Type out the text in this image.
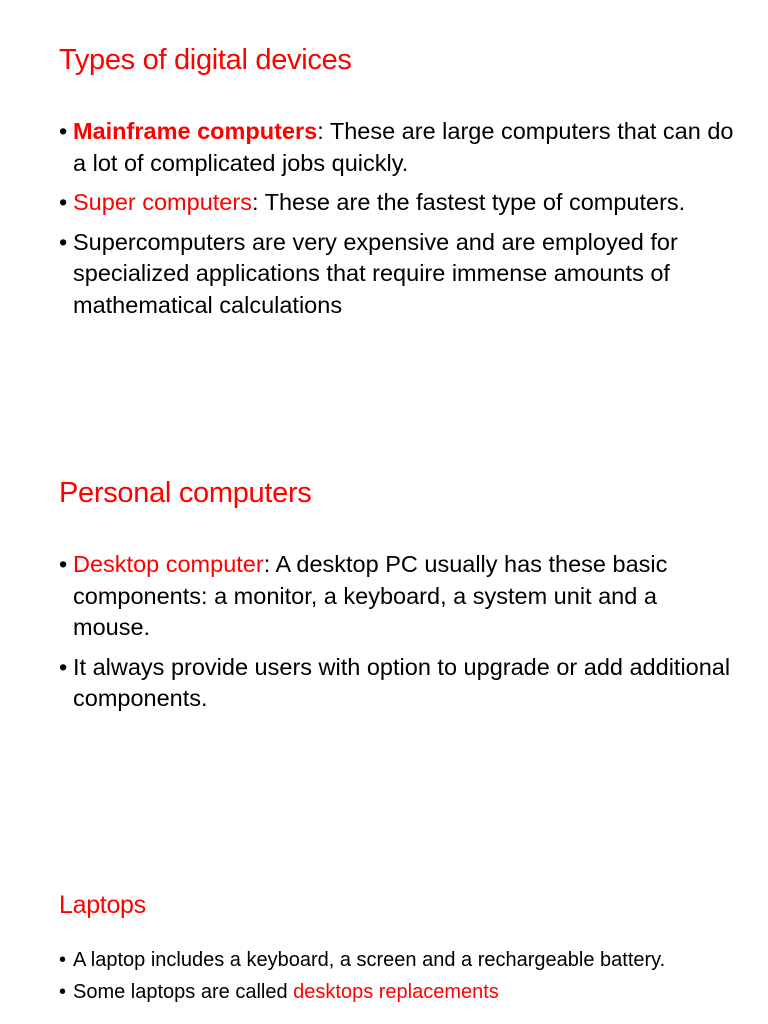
Types of digital devices
• Mainframe computers: These are large computers that can do a lot of complicated jobs quickly.
• Super computers: These are the fastest type of computers.
• Supercomputers are very expensive and are employed for specialized applications that require immense amounts of mathematical calculations
Personal computers
• Desktop computer: A desktop PC usually has these basic components: a monitor, a keyboard, a system unit and a mouse.
• It always provide users with option to upgrade or add additional components.
Laptops
• A laptop includes a keyboard, a screen and a rechargeable battery.
• Some laptops are called desktops replacements
